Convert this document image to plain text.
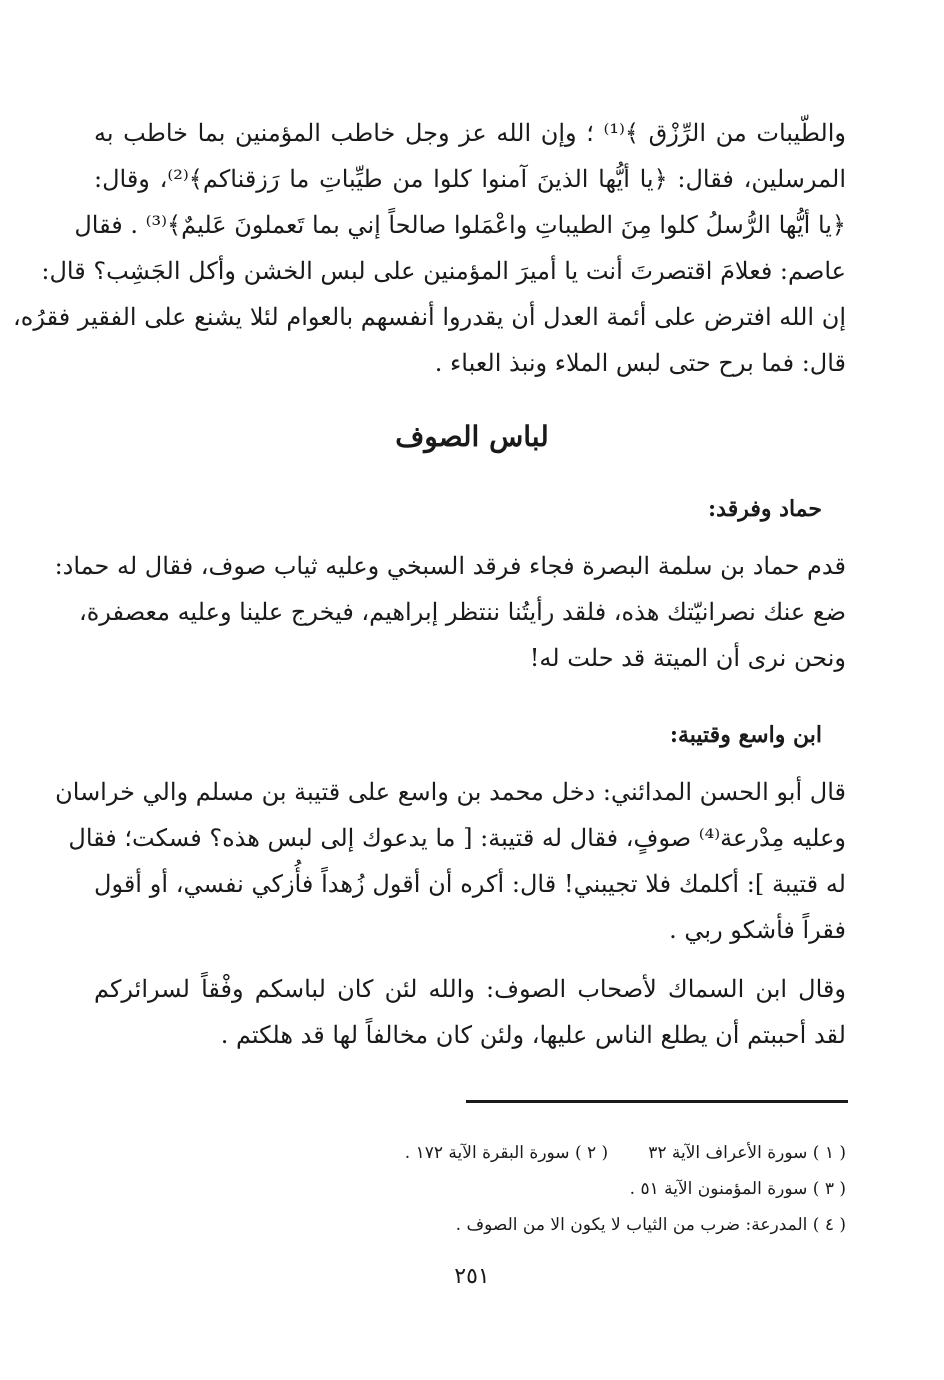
والطّيبات من الرِّزْق ﴾⁽¹⁾ ؛ وإن الله عز وجل خاطب المؤمنين بما خاطب به
المرسلين، فقال: ﴿يا أيُّها الذينَ آمنوا كلوا من طيِّباتِ ما رَزقناكم﴾⁽²⁾، وقال:
﴿يا أيُّها الرُّسلُ كلوا مِنَ الطيباتِ واعْمَلوا صالحاً إني بما تَعملونَ عَليمٌ﴾⁽³⁾ . فقال
عاصم: فعلامَ اقتصرتَ أنت يا أميرَ المؤمنين على لبس الخشن وأكل الجَشِب؟ قال:
إن الله افترض على أئمة العدل أن يقدروا أنفسهم بالعوام لئلا يشنع على الفقير فقرُه،
قال: فما برح حتى لبس الملاء ونبذ العباء .
لباس الصوف
حماد وفرقد:
قدم حماد بن سلمة البصرة فجاء فرقد السبخي وعليه ثياب صوف، فقال له حماد:
ضع عنك نصرانيّتك هذه، فلقد رأيتُنا ننتظر إبراهيم، فيخرج علينا وعليه معصفرة،
ونحن نرى أن الميتة قد حلت له!
ابن واسع وقتيبة:
قال أبو الحسن المدائني: دخل محمد بن واسع على قتيبة بن مسلم والي خراسان
وعليه مِدْرعة⁽⁴⁾ صوفٍ، فقال له قتيبة: [ ما يدعوك إلى لبس هذه؟ فسكت؛ فقال
له قتيبة ]: أكلمك فلا تجيبني! قال: أكره أن أقول زُهداً فأُزكي نفسي، أو أقول
فقراً فأشكو ربي .
وقال ابن السماك لأصحاب الصوف: والله لئن كان لباسكم وفْقاً لسرائركم
لقد أحببتم أن يطلع الناس عليها، ولئن كان مخالفاً لها قد هلكتم .
( ١ ) سورة الأعراف الآية ٣٢
( ٢ ) سورة البقرة الآية ١٧٢ .
( ٣ ) سورة المؤمنون الآية ٥١ .
( ٤ ) المدرعة: ضرب من الثياب لا يكون الا من الصوف .
٢٥١
